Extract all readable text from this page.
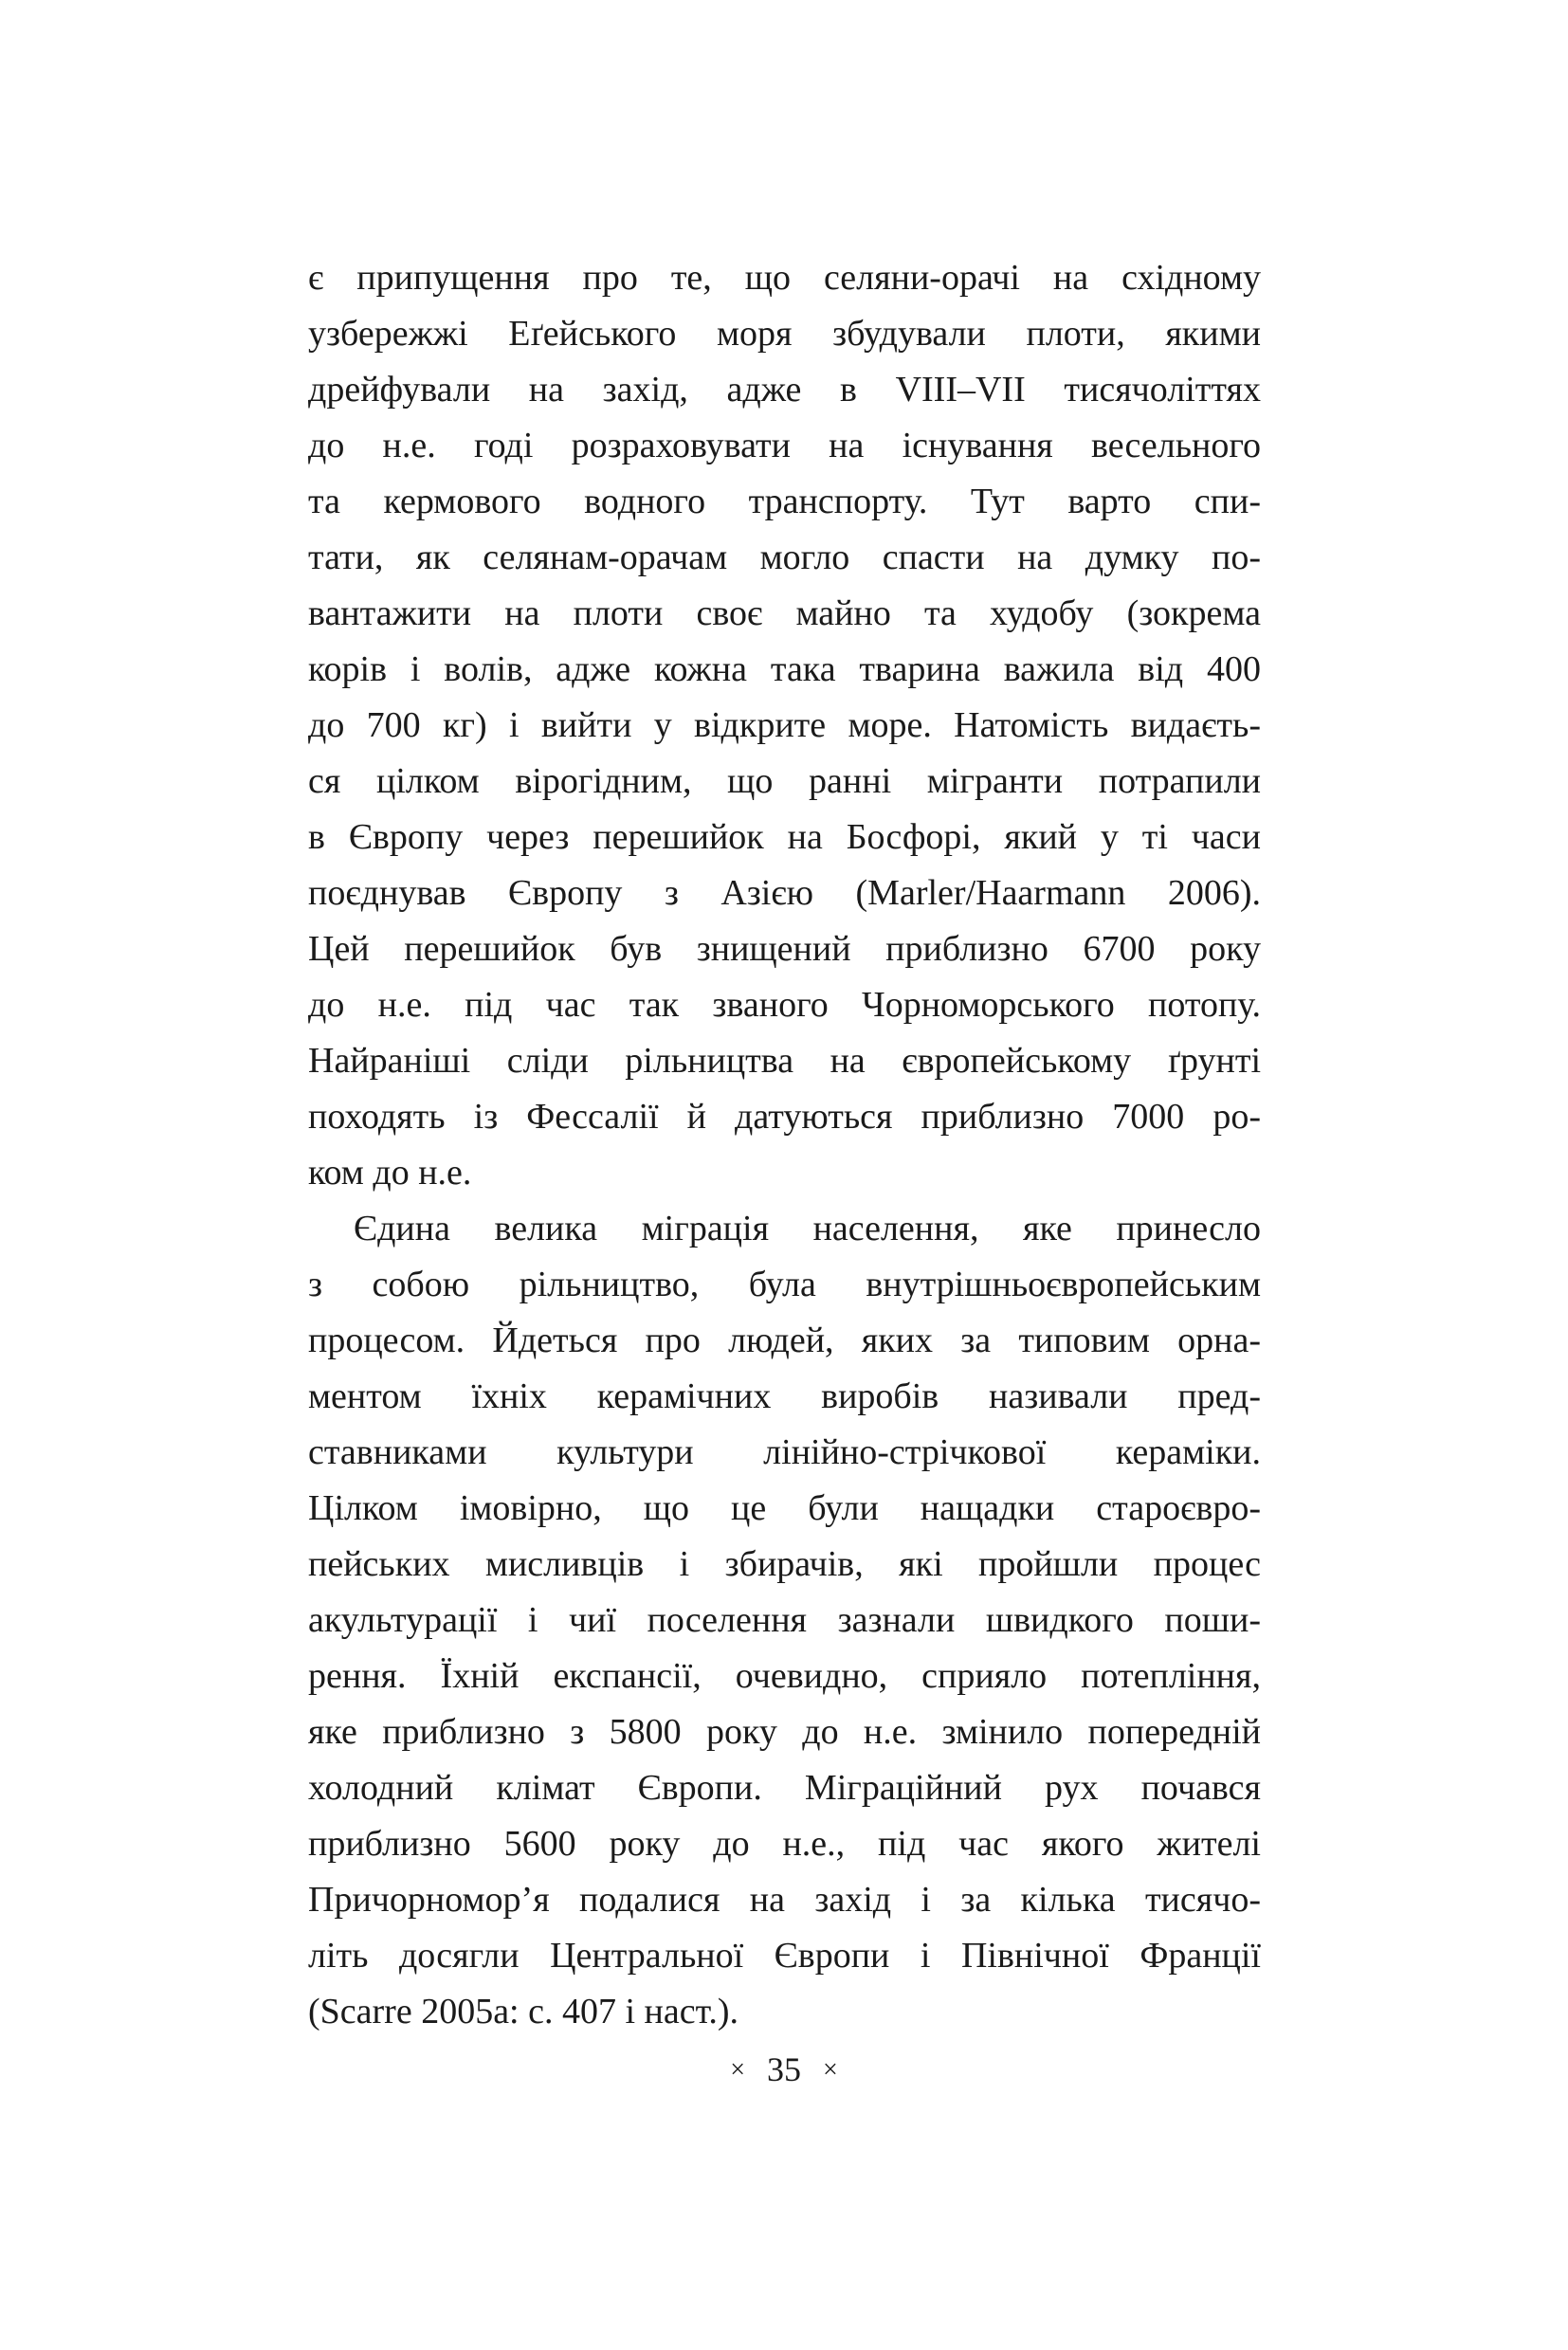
є припущення про те, що селяни-орачі на східному
узбережжі Еґейського моря збудували плоти, якими
дрейфували на захід, адже в VIII–VII тисячоліттях
до н.е. годі розраховувати на існування весельного
та кермового водного транспорту. Тут варто спи-
тати, як селянам-орачам могло спасти на думку по-
вантажити на плоти своє майно та худобу (зокрема
корів і волів, адже кожна така тварина важила від 400
до 700 кг) і вийти у відкрите море. Натомість видаєть-
ся цілком вірогідним, що ранні мігранти потрапили
в Європу через перешийок на Босфорі, який у ті часи
поєднував Європу з Азією (Marler/Haarmann 2006).
Цей перешийок був знищений приблизно 6700 року
до н.е. під час так званого Чорноморського потопу.
Найраніші сліди рільництва на європейському ґрунті
походять із Фессалії й датуються приблизно 7000 ро-
ком до н.е.
Єдина велика міграція населення, яке принесло
з собою рільництво, була внутрішньоєвропейським
процесом. Йдеться про людей, яких за типовим орна-
ментом їхніх керамічних виробів називали пред-
ставниками культури лінійно-стрічкової кераміки.
Цілком імовірно, що це були нащадки староєвро-
пейських мисливців і збирачів, які пройшли процес
акультурації і чиї поселення зазнали швидкого поши-
рення. Їхній експансії, очевидно, сприяло потепління,
яке приблизно з 5800 року до н.е. змінило попередній
холодний клімат Європи. Міграційний рух почався
приблизно 5600 року до н.е., під час якого жителі
Причорномор’я подалися на захід і за кілька тисячо-
літь досягли Центральної Європи і Північної Франції
(Scarre 2005a: с. 407 і наст.).
× 35 ×
